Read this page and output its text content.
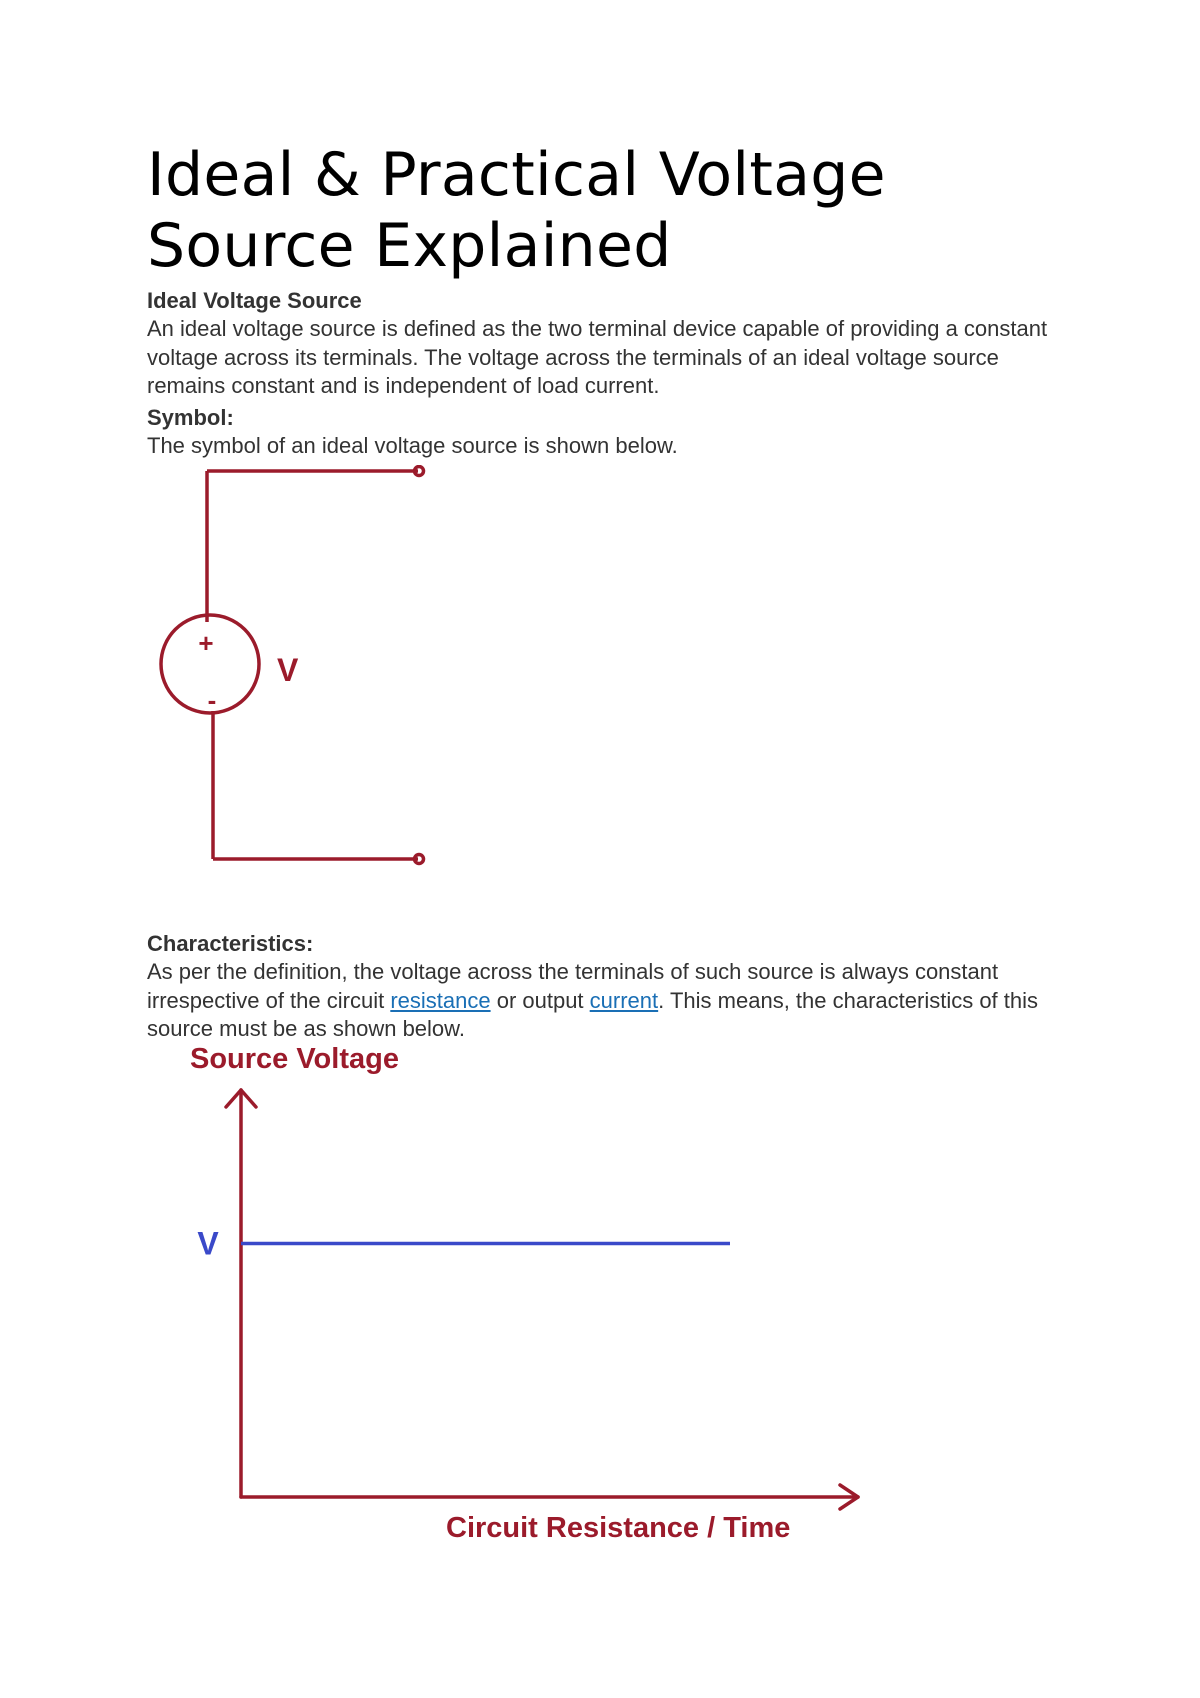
Ideal & Practical Voltage
Source Explained
Ideal Voltage Source

An ideal voltage source is defined as the two terminal device capable of providing a constant voltage across its terminals. The voltage across the terminals of an ideal voltage source remains constant and is independent of load current.

Symbol:

The symbol of an ideal voltage source is shown below.

+
-
V
Characteristics:

As per the definition, the voltage across the terminals of such source is always constant irrespective of the circuit resistance or output current. This means, the characteristics of this source must be as shown below.

Source Voltage
V
Circuit Resistance / Time
